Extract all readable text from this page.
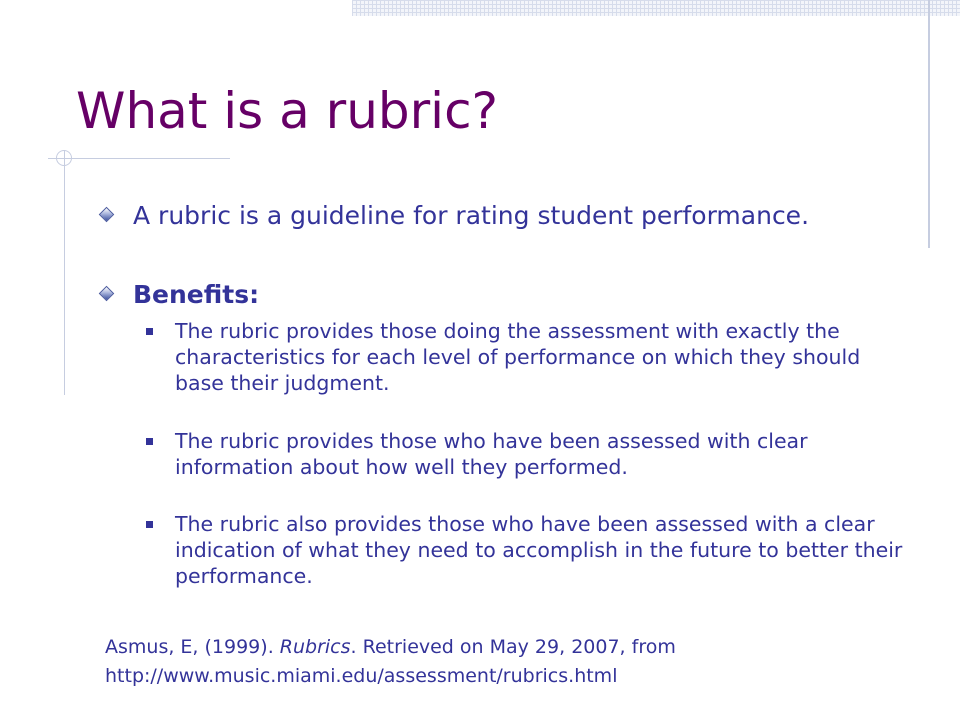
What is a rubric?
A rubric is a guideline for rating student performance.
Benefits:
The rubric provides those doing the assessment with exactly the characteristics for each level of performance on which they should base their judgment.
The rubric provides those who have been assessed with clear information about how well they performed.
The rubric also provides those who have been assessed with a clear indication of what they need to accomplish in the future to better their performance.
Asmus, E, (1999). Rubrics. Retrieved on May 29, 2007, from
http://www.music.miami.edu/assessment/rubrics.html
